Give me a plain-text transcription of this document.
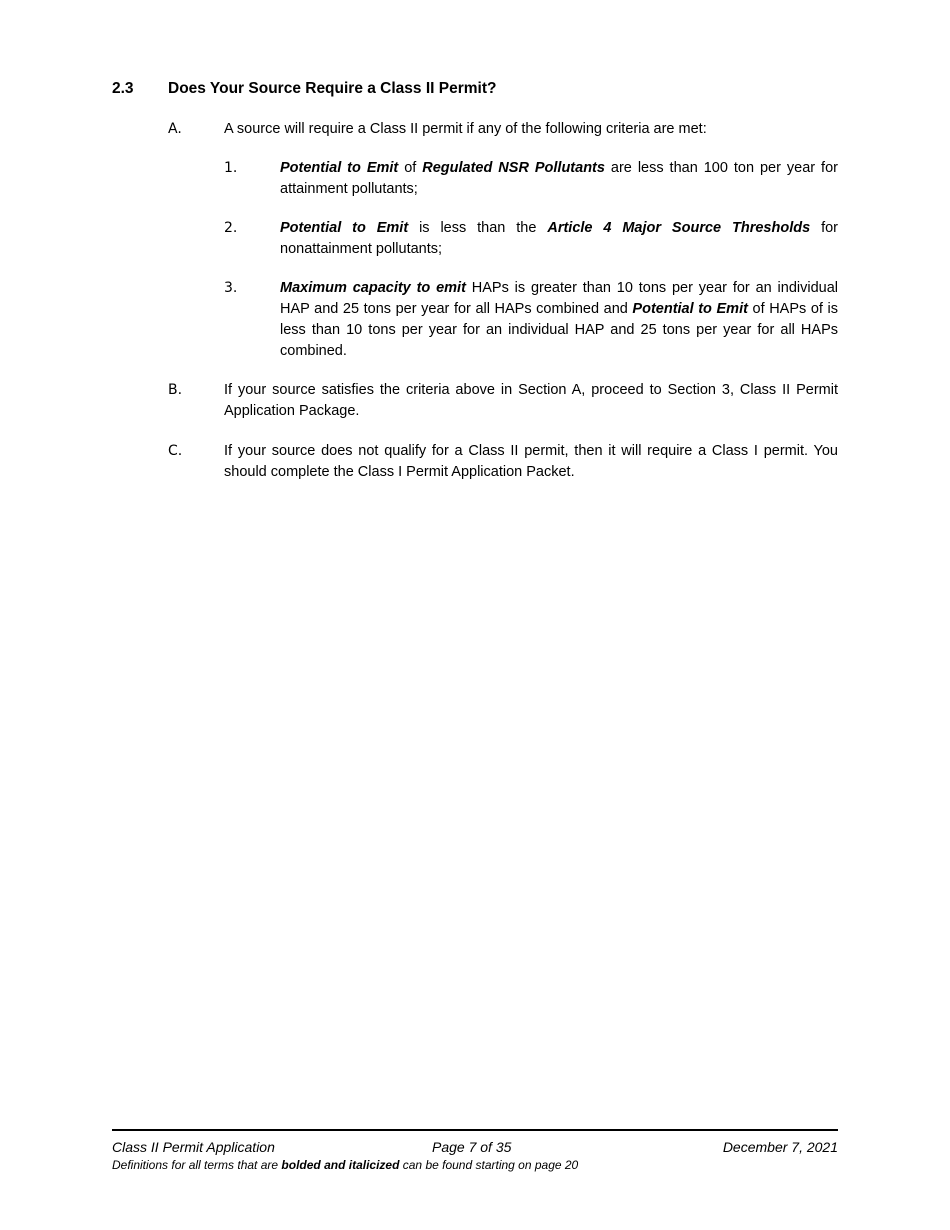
2.3 Does Your Source Require a Class II Permit?
A.	A source will require a Class II permit if any of the following criteria are met:
1.	Potential to Emit of Regulated NSR Pollutants are less than 100 ton per year for attainment pollutants;
2.	Potential to Emit is less than the Article 4 Major Source Thresholds for nonattainment pollutants;
3.	Maximum capacity to emit HAPs is greater than 10 tons per year for an individual HAP and 25 tons per year for all HAPs combined and Potential to Emit of HAPs of is less than 10 tons per year for an individual HAP and 25 tons per year for all HAPs combined.
B.	If your source satisfies the criteria above in Section A, proceed to Section 3, Class II Permit Application Package.
C.	If your source does not qualify for a Class II permit, then it will require a Class I permit. You should complete the Class I Permit Application Packet.
Class II Permit Application	Page 7 of 35	December 7, 2021
Definitions for all terms that are bolded and italicized can be found starting on page 20
